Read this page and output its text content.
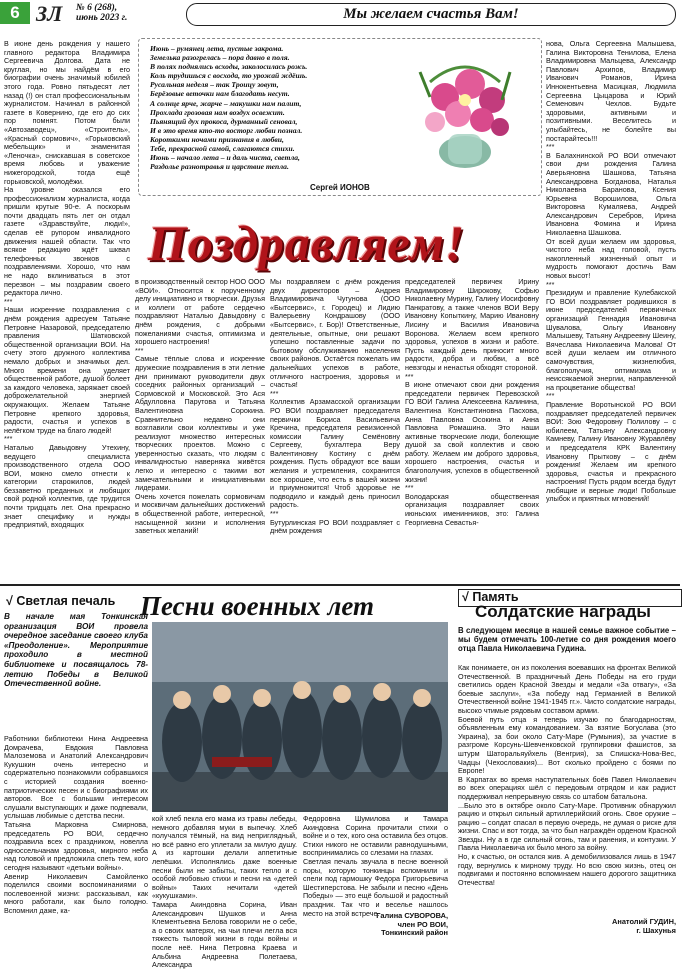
6 ЗЛ № 6 (268),
июнь 2023 г.	Мы желаем счастья Вам!

В июне день рождения у нашего главного редактора Владимира Сергеевича Долгова. Дата не круглая, но мы найдём в его биографии очень значимый юбилей этого года. Ровно пятьдесят лет назад (!) он стал профессиональным журналистом. Начинал в районной газете в Ковернино, где его до сих пор помнят. Потом были «Автозаводец», «Строитель», «Красный сормович», «Горьковский мебельщик» и знаменитая «Леночка», снискавшая в советское время любовь и уважение нижегородской, тогда ещё горьковской, молодёжи.
На уровне оказался его профессионализм журналиста, когда пришли крутые 90-е. А поскорым почти двадцать пять лет он отдал газете «Здравствуйте, люди!», сделав её рупором инвалидного движения нашей области. Так что всякое редакцию ждёт шквал телефонных звонков с поздравлениями. Хорошо, что нам не надо вклиниваться в этот перезвон – мы поздравим своего редактора лично.
***
Наши искренние поздравления с днём рождения адресуем Татьяне Петровне Назаровой, председателю правления Шатковской общественной организации ВОИ. На счету этого дружного коллектива немало добрых и значимых дел. Много времени она уделяет общественной работе, душой болеет за каждого человека, заряжает своей доброжелательной энергией окружающих. Желаем Татьяне Петровне крепкого здоровья, радости, счастья и успехов в нелёгком труде на благо людей!
***
Наталью Давыдовну Утехину, ведущего специалиста производственного отдела ООО ВОИ, можно смело отнести к категории старожилов, людей беззаветно преданных и любящих свой родной коллектив, где трудится почти тридцать лет. Она прекрасно знает специфику и нужды предприятий, входящих

Июнь – румянец лета, пустые закрома.
Земелька разогрелась – пора давно в поля.
В полях поднялись всходы, заколосилась рожь.
Коль трудишься с восхода, то урожай ждёшь.
Русальная неделя – так Троицу зовут,
Берёзовые веточки нам благодать несут.
А солнце ярче, жарче – макушки нам палит,
Прохлада грозовая нам воздух освежит.
Пьянящий дух прокоса, дурманный сеновал,
И в это время кто-то восторг любви познал.
Короткими ночами признания в любви,
Тебе, прекрасной самой, слагаются стихи.
Июнь – начало лета – и даль чиста, светла,
Раздолье разнотравья и царствие тепла.
Сергей ИОНОВ
Поздравляем!

в производственный сектор НОО ООО «ВОИ». Относится к порученному делу инициативно и творчески. Друзья и коллеги от работе сердечно поздравляют Наталью Давыдовну с днём рождения, с добрыми пожеланиями счастья, оптимизма и хорошего настроения!
***
Самые тёплые слова и искренние дружеские поздравления в эти летние дни принимают руководители двух соседних районных организаций – Сормовской и Московской. Это Ася Абдулловна Парутова и Татьяна Валентиновна Сорокина. Сравнительно недавно они возглавили свои коллективы и уже реализуют множество интересных творческих проектов. Можно с уверенностью сказать, что людям с инвалидностью наверняка живётся легко и интересно с такими вот замечательными и инициативными лидерами.
Очень хочется пожелать сормовичам и москвичам дальнейших достижений в общественной работе, интересной, насыщенной жизни и исполнения заветных желаний!

Мы поздравляем с днём рождения двух директоров – Андрея Владимировича Чугунова (ООО «Бытсервис», г. Городец) и Лидию Валерьевну Кондрашову (ООО «Бытсервис», г. Бор)! Ответственные, деятельные, опытные, они решают успешно поставленные задачи по бытовому обслуживанию населения своих районов. Остаётся пожелать им дальнейших успехов в работе, отличного настроения, здоровья и счастья!
***
Коллектив Арзамасской организации РО ВОИ поздравляет председателя первички Бориса Васильевича Кречина, председателя ревизионной комиссии Галину Семёновну Сергееву, бухгалтера Веру Валентиновну Костину с днём рождения. Пусть обрадуют все ваши желания и устремления, сохранится все хорошее, что есть в вашей жизни и приумножится! Чтоб здоровье не подводило и каждый день приносил радость.
***
Бутурлинская РО ВОИ поздравляет с днём рождения

председателей первичек Ирину Владимировну Широкову, Софью Николаевну Мурину, Галину Иосифовну Панкратову, а также членов ВОИ Веру Ивановну Копыткину, Марию Ивановну Лисину и Василия Ивановича Воронова. Желаем всем крепкого здоровья, успехов в жизни и работе. Пусть каждый день приносит много радости, добра и любви, а всё невзгоды и ненастья обходят стороной.
***
В июне отмечают свои дни рождения председатели первичек Перевозской ГО ВОИ Галина Алексеевна Калинина, Валентина Константиновна Пасхова, Анна Павловна Осокина и Анна Павловна Ромашина. Это наши активные творческие люди, болеющие душой за свой коллектив и свою работу. Желаем им доброго здоровья, хорошего настроения, счастья и благополучия, успехов в общественной жизни!
***
Володарская общественная организация поздравляет своих июньских именинников, это: Галина Георгиевна Севастья-

нова, Ольга Сергеевна Малышева, Галина Викторовна Тенилова, Елена Владимировна Мальцева, Александр Павлович Архипов, Владимир Иванович Романов, Ирина Иннокентьевна Масицкая, Людмила Сергеевна Цыцарова и Юрий Семенович Чехлов. Будьте здоровыми, активными и позитивными. Веселитесь и улыбайтесь, не болейте вы постарайтесь!!!
***
В Балахнинской РО ВОИ отмечают свои дни рождения Галина Аверьяновна Шашкова, Татьяна Александровна Богданова, Наталья Николаевна Баранова, Ксения Юрьевна Ворошилова, Ольга Викторовна Кумаляева, Андрей Александрович Серебров, Ирина Ивановна Фомина и Ирина Николаевна Шашкова.
От всей души желаем им здоровья, чистого неба над головой, пусть накопленный жизненный опыт и мудрость помогают достичь Вам новых высот!
***
Президиум и правление Кулебакской ГО ВОИ поздравляет родившихся в июне председателей первичных организаций Геннадия Ивановича Шувалова, Ольгу Ивановну Малышеву, Татьяну Андреевну Шеину, Вячеслава Николаевича Малова! От всей души желаем им отличного самочувствия, жизнелюбия, благополучия, оптимизма и неиссякаемой энергии, направленной на процветание общества!
***
Правление Воротынской РО ВОИ поздравляет председателей первичек ВОИ: Зою Федоровну Полилову – с юбилеем, Татьяну Александровну Камневу, Галину Ивановну Журавлёву и председателя КРК Валентину Ивановну Прыткову – с днём рождения! Желаем им крепкого здоровья, счастья и прекрасного настроения! Пусть рядом всегда будут любящие и верные люди! Побольше улыбок и приятных мгновений!

√ Светлая печаль

В начале мая Тонкинская организация ВОИ провела очередное заседание своего клуба «Преодоление». Мероприятие проходило в местной библиотеке и посвящалось 78-летию Победы в Великой Отечественной войне.

Работники библиотеки Нина Андреевна Домрачева, Евдокия Павловна Малоземова и Анатолий Александрович Кукушкин очень интересно и содержательно познакомили собравшихся с историей создания военно-патриотических песен и с биографиями их авторов. Все с большим интересом слушали выступающих и даже подпевали, услышав любимые с детства песни.
Татьяна Марковна Смирнова, председатель РО ВОИ, сердечно поздравила всех с праздником, новелла односсельчанам здоровья, мирного неба над головой и предложила спеть тем, кого сегодня называют «детьми войны».
Авенир Николаевич Самойленко поделился своими воспоминаниями о послевоенной жизни: рассказывал, как много работали, как было голодно. Вспомнил даже, ка-

Песни военных лет

кой хлеб пекла его мама из травы лебеды, немного добавляя муки в выпечку. Хлеб получался тёмный, на вид неприглядный, но всё равно его уплетали за милую душу. А из картошки делали аппетитные лепёшки. Исполнялись даже военные песни были не забыты, таких тепло и с особой любовью стихи и песни на «детей войны» Таких нечитали «детей «кукушками».
Тамара Акиндовна Сорина, Иван Александрович Шушков и Анна Клементьевна Белова говорили не о себе, а о своих матерях, на чьи плечи легла вся тяжесть тыловой жизни в годы войны и после неё. Нина Петровна Краева и Альбина Андреевна Полетаева, Александра

Федоровна Шумилова и Тамара Акиндовна Сорина прочитали стихи о войне и о тех, кого она оставила без отцов. Стихи никого не оставили равнодушными, воспринимались со слезами на глазах.
Светлая печаль звучала в песне военной поры, которую тонкинцы вспомнили и спели под гармошку Федора Григорьевича Шестиперстова. Не забыли и песню «День Победы» — это ещё большой и радостный праздник. Так что и веселье нашлось место на этой встрече.

Галина СУВОРОВА,
член РО ВОИ,
Тонкинский район

√ Память
Солдатские награды

В следующем месяце в нашей семье важное событие – мы будем отмечать 100-летие со дня рождения моего отца Павла Николаевича Гудина.

Как понимаете, он из поколения воевавших на фронтах Великой Отечественной. В праздничный День Победы на его груди светились орден Красной Звезды и медали «За отвагу», «За боевые заслуги», «За победу над Германией в Великой Отечественной войне 1941-1945 гг.». Чисто солдатские награды, высоко чтимые рядовым составом армии.
Боевой путь отца я теперь изучаю по благодарностям, объявленным ему командованием. За взятие Богуслава (это Украина), за бои около Сату-Маре (Румыния), за участие в разгроме Корсунь-Шевченковской группировки фашистов, за штурм Шаторальяуйхель (Венгрия), за Спишска-Нова-Вес, Чадцы (Чехословакия)... Вот сколько пройдено с боями по Европе!
В Карпатах во время наступательных боёв Павел Николаевич во всех операциях шёл с передовым отрядом и как радист поддерживал непрерывную связь со штабом батальона.
...Было это в октябре около Сату-Маре. Противник обнаружил рацию и открыл сильный артиллерийский огонь. Свое оружие – рацию – солдат спасал в первую очередь, не думая о риске для жизни. Спас и вот тогда, за что был награждён орденом Красной Звезды. Ну а в где сильный огонь, там и ранения, и контузии. У Павла Николаевича их было много за войну.
Но, к счастью, он остался жив. А демобилизовался лишь в 1947 году, вернулись к мирному труду. Но всю свою жизнь, отец он подвигами и постоянно вспоминаем нашего дорогого защитника Отечества!

Анатолий ГУДИН,
г. Шахунья
